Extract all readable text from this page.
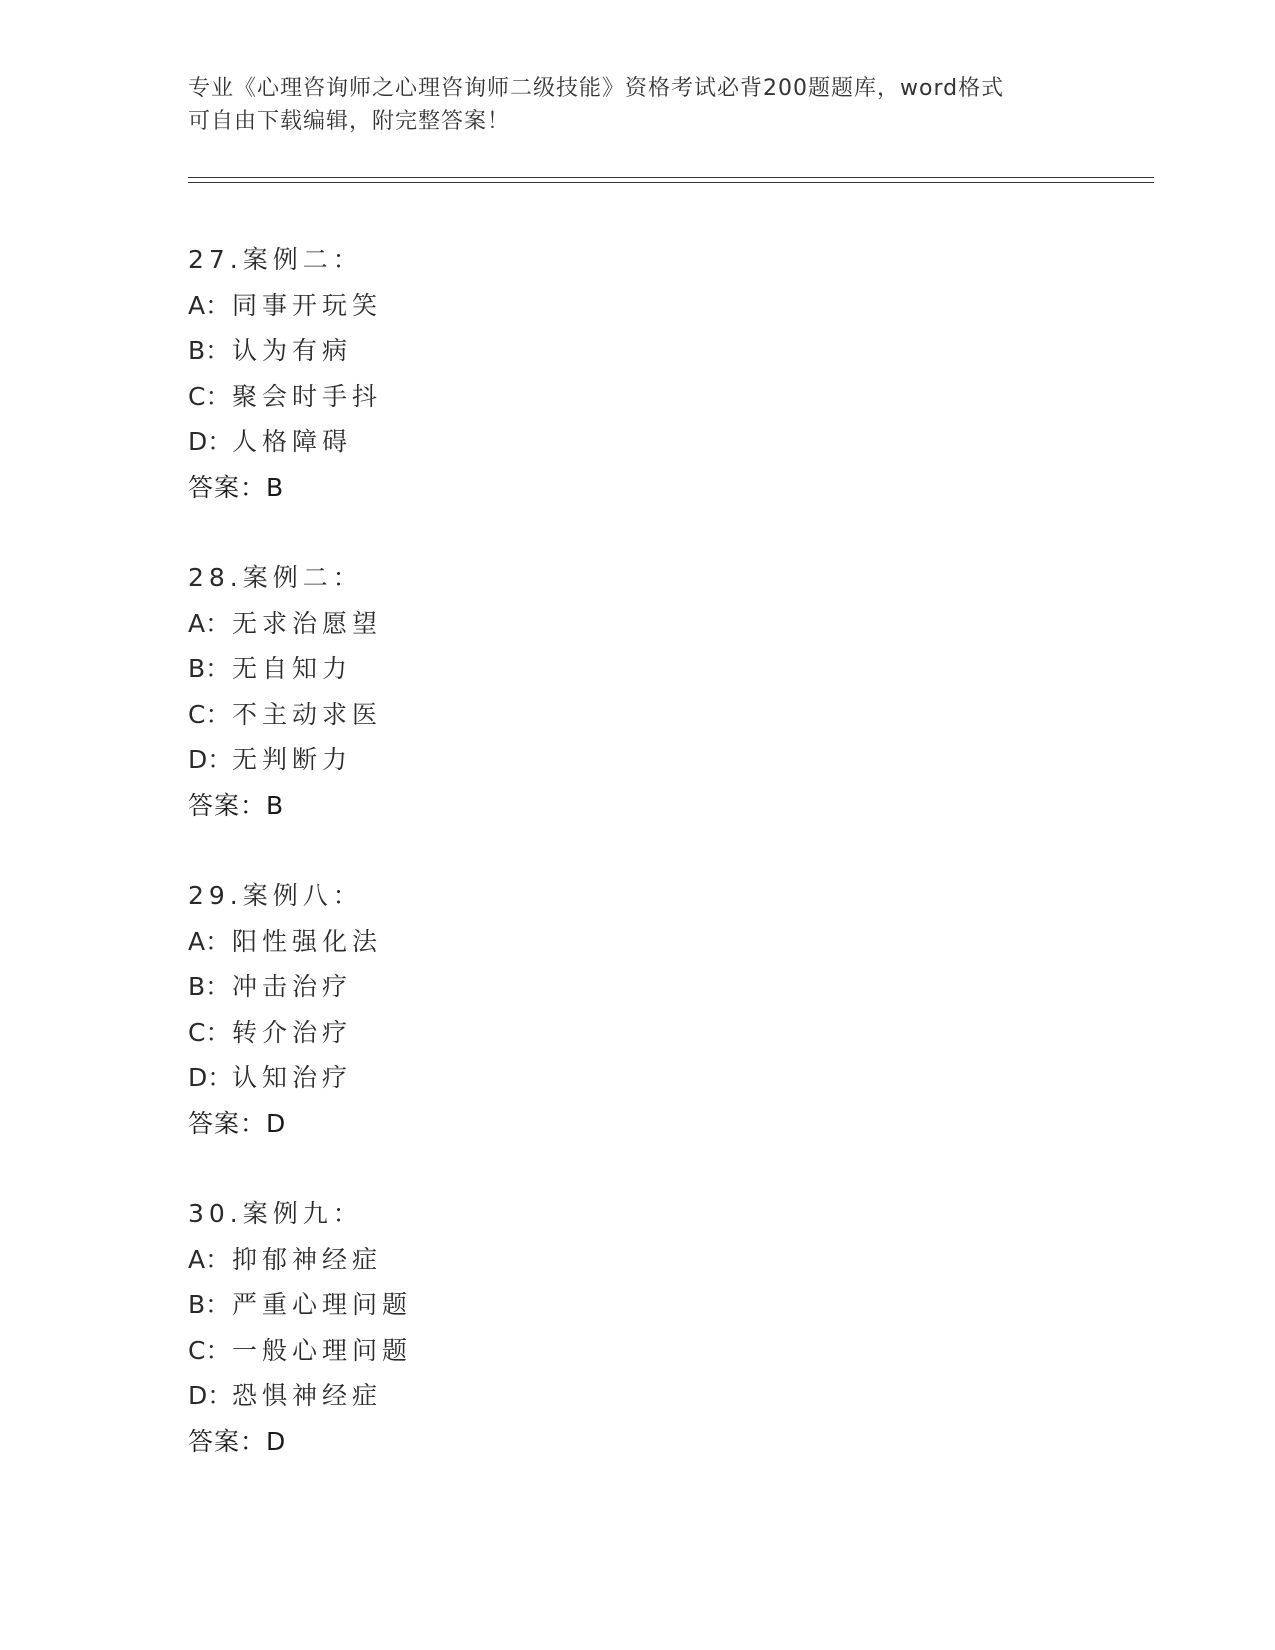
专业《心理咨询师之心理咨询师二级技能》资格考试必背200题题库，word格式
可自由下载编辑，附完整答案！
27.案例二：
A：同事开玩笑
B：认为有病
C：聚会时手抖
D：人格障碍
答案：B
28.案例二：
A：无求治愿望
B：无自知力
C：不主动求医
D：无判断力
答案：B
29.案例八：
A：阳性强化法
B：冲击治疗
C：转介治疗
D：认知治疗
答案：D
30.案例九：
A：抑郁神经症
B：严重心理问题
C：一般心理问题
D：恐惧神经症
答案：D
